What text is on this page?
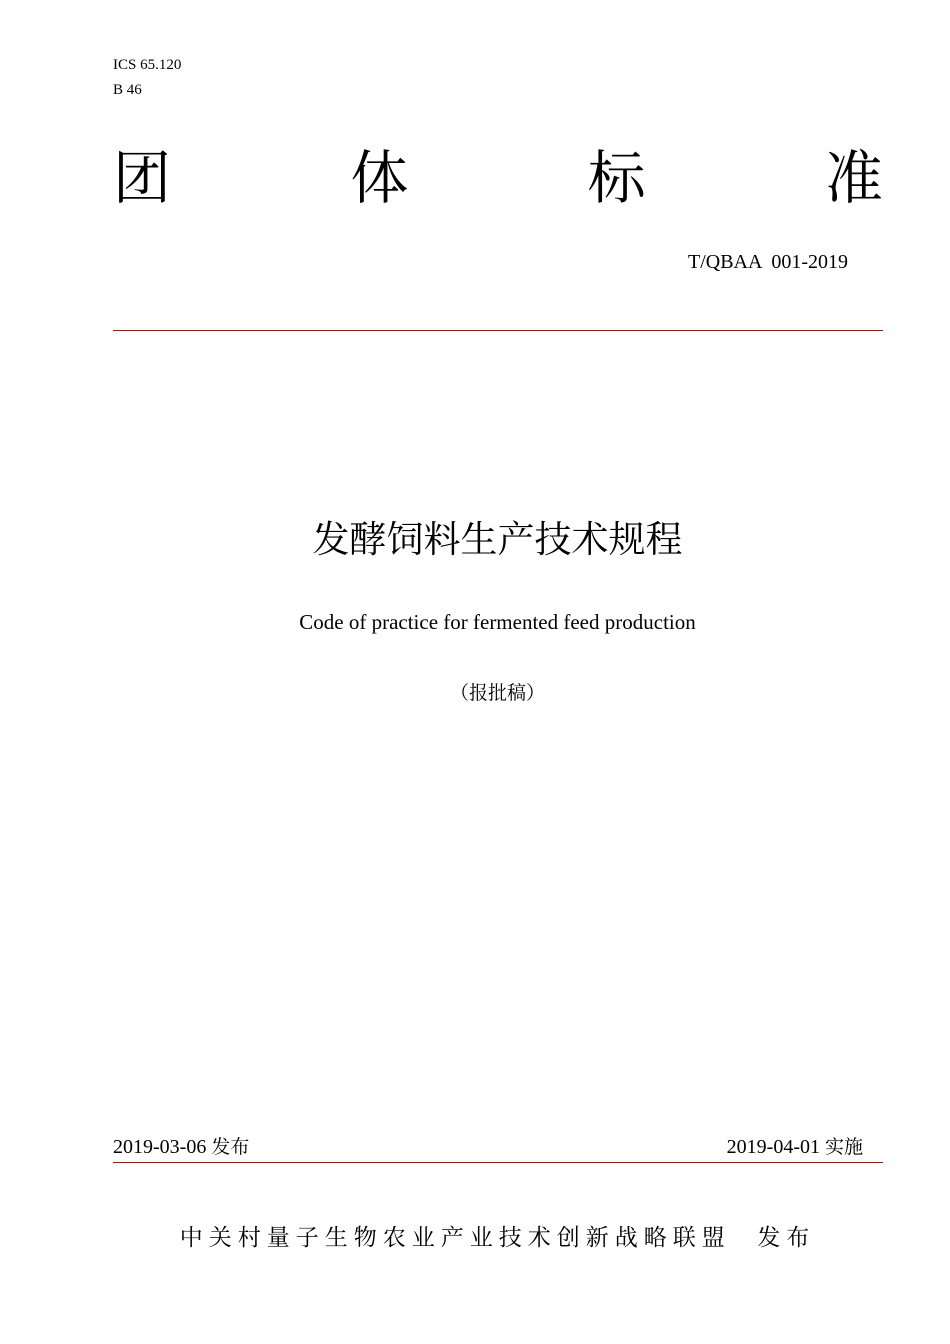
ICS 65.120
B 46
团	体	标	准
T/QBAA  001-2019
发酵饲料生产技术规程
Code of practice for fermented feed production
（报批稿）
2019-03-06 发布	2019-04-01 实施
中关村量子生物农业产业技术创新战略联盟  发布
